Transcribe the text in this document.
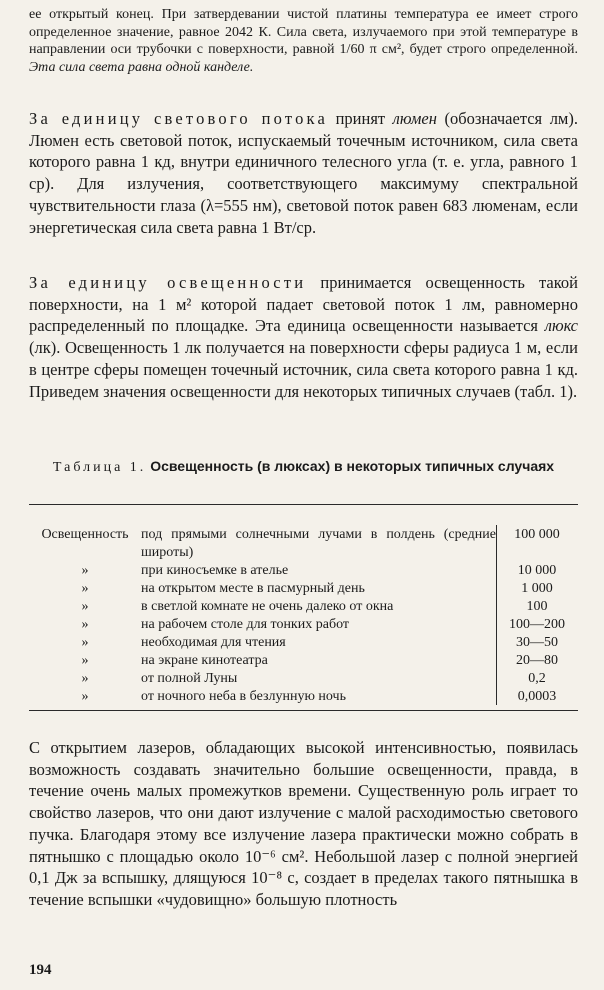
ее открытый конец. При затвердевании чистой платины температура ее имеет строго определенное значение, равное 2042 К. Сила света, излучаемого при этой температуре в направлении оси трубочки с поверхности, равной 1/60 π см², будет строго определенной. Эта сила света равна одной канделе.

За единицу светового потока принят люмен (обозначается лм). Люмен есть световой поток, испускаемый точечным источником, сила света которого равна 1 кд, внутри единичного телесного угла (т. е. угла, равного 1 ср). Для излучения, соответствующего максимуму спектральной чувствительности глаза (λ=555 нм), световой поток равен 683 люменам, если энергетическая сила света равна 1 Вт/ср.

За единицу освещенности принимается освещенность такой поверхности, на 1 м² которой падает световой поток 1 лм, равномерно распределенный по площадке. Эта единица освещенности называется люкс (лк). Освещенность 1 лк получается на поверхности сферы радиуса 1 м, если в центре сферы помещен точечный источник, сила света которого равна 1 кд. Приведем значения освещенности для некоторых типичных случаев (табл. 1).

Таблица 1. Освещенность (в люксах) в некоторых типичных случаях

Освещенность	под прямыми солнечными лучами в полдень (средние широты)	100 000
»	при киносъемке в ателье	10 000
»	на открытом месте в пасмурный день	1 000
»	в светлой комнате не очень далеко от окна	100
»	на рабочем столе для тонких работ	100—200
»	необходимая для чтения	30—50
»	на экране кинотеатра	20—80
»	от полной Луны	0,2
»	от ночного неба в безлунную ночь	0,0003

С открытием лазеров, обладающих высокой интенсивностью, появилась возможность создавать значительно большие освещенности, правда, в течение очень малых промежутков времени. Существенную роль играет то свойство лазеров, что они дают излучение с малой расходимостью светового пучка. Благодаря этому все излучение лазера практически можно собрать в пятнышко с площадью около 10⁻⁶ см². Небольшой лазер с полной энергией 0,1 Дж за вспышку, длящуюся 10⁻⁸ с, создает в пределах такого пятнышка в течение вспышки «чудовищно» большую плотность

194
